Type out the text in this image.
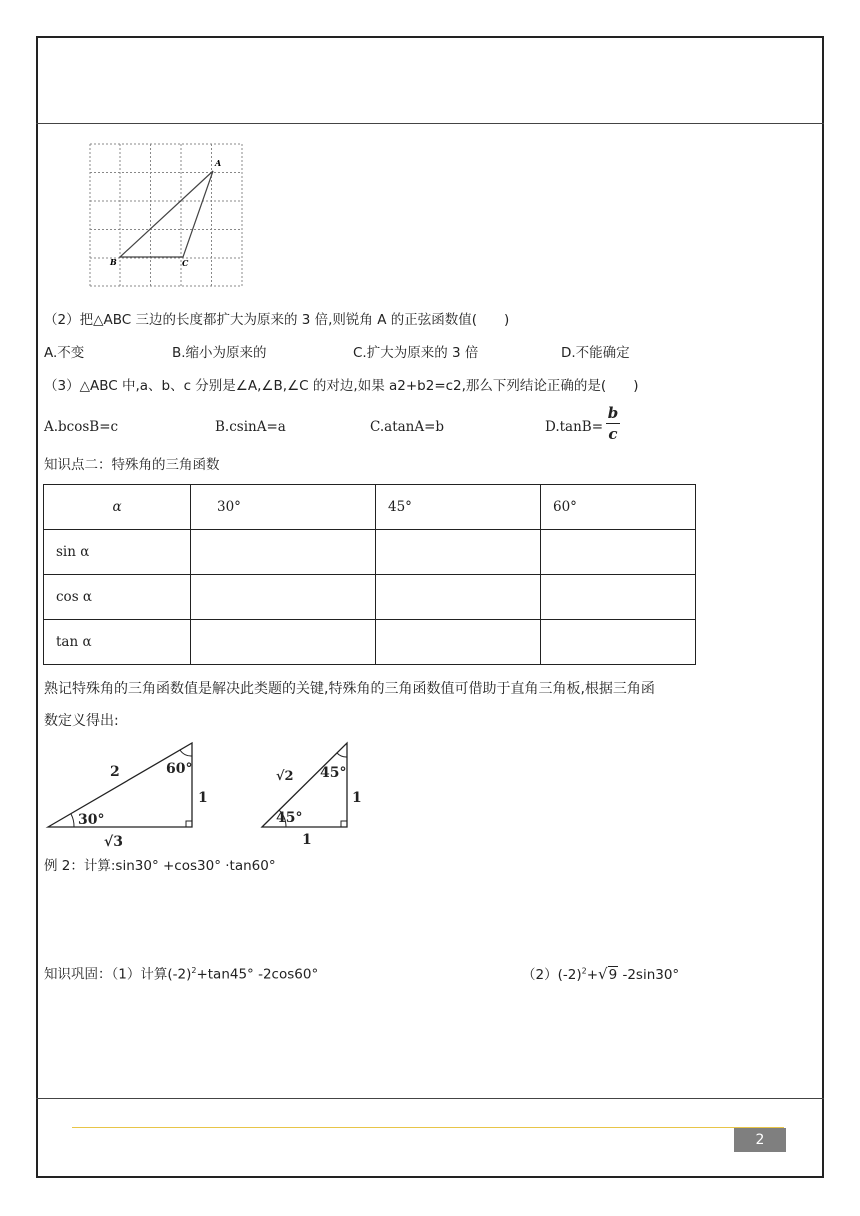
A
B	C
（2）把△ABC 三边的长度都扩大为原来的 3 倍,则锐角 A 的正弦函数值(　　)
A.不变	B.缩小为原来的	C.扩大为原来的 3 倍	D.不能确定
（3）△ABC 中,a、b、c 分别是∠A,∠B,∠C 的对边,如果 a2+b2=c2,那么下列结论正确的是(　　)
A.bcosB=c	B.csinA=a	C.atanA=b	D.tanB=
b
c
知识点二：特殊角的三角函数
α	30°	45°	60°
sin α			
cos α			
tan α			
熟记特殊角的三角函数值是解决此类题的关键,特殊角的三角函数值可借助于直角三角板,根据三角函
数定义得出:
2	60°
1
30°
√3
√2 45°
1
45°
1
例 2：计算:sin30° +cos30° ·tan60°
知识巩固：（1）计算$(-2)^2+\tan 45^\circ$ -2cos60°	$(2)(-2)^2+√9$ -2sin30°
2
